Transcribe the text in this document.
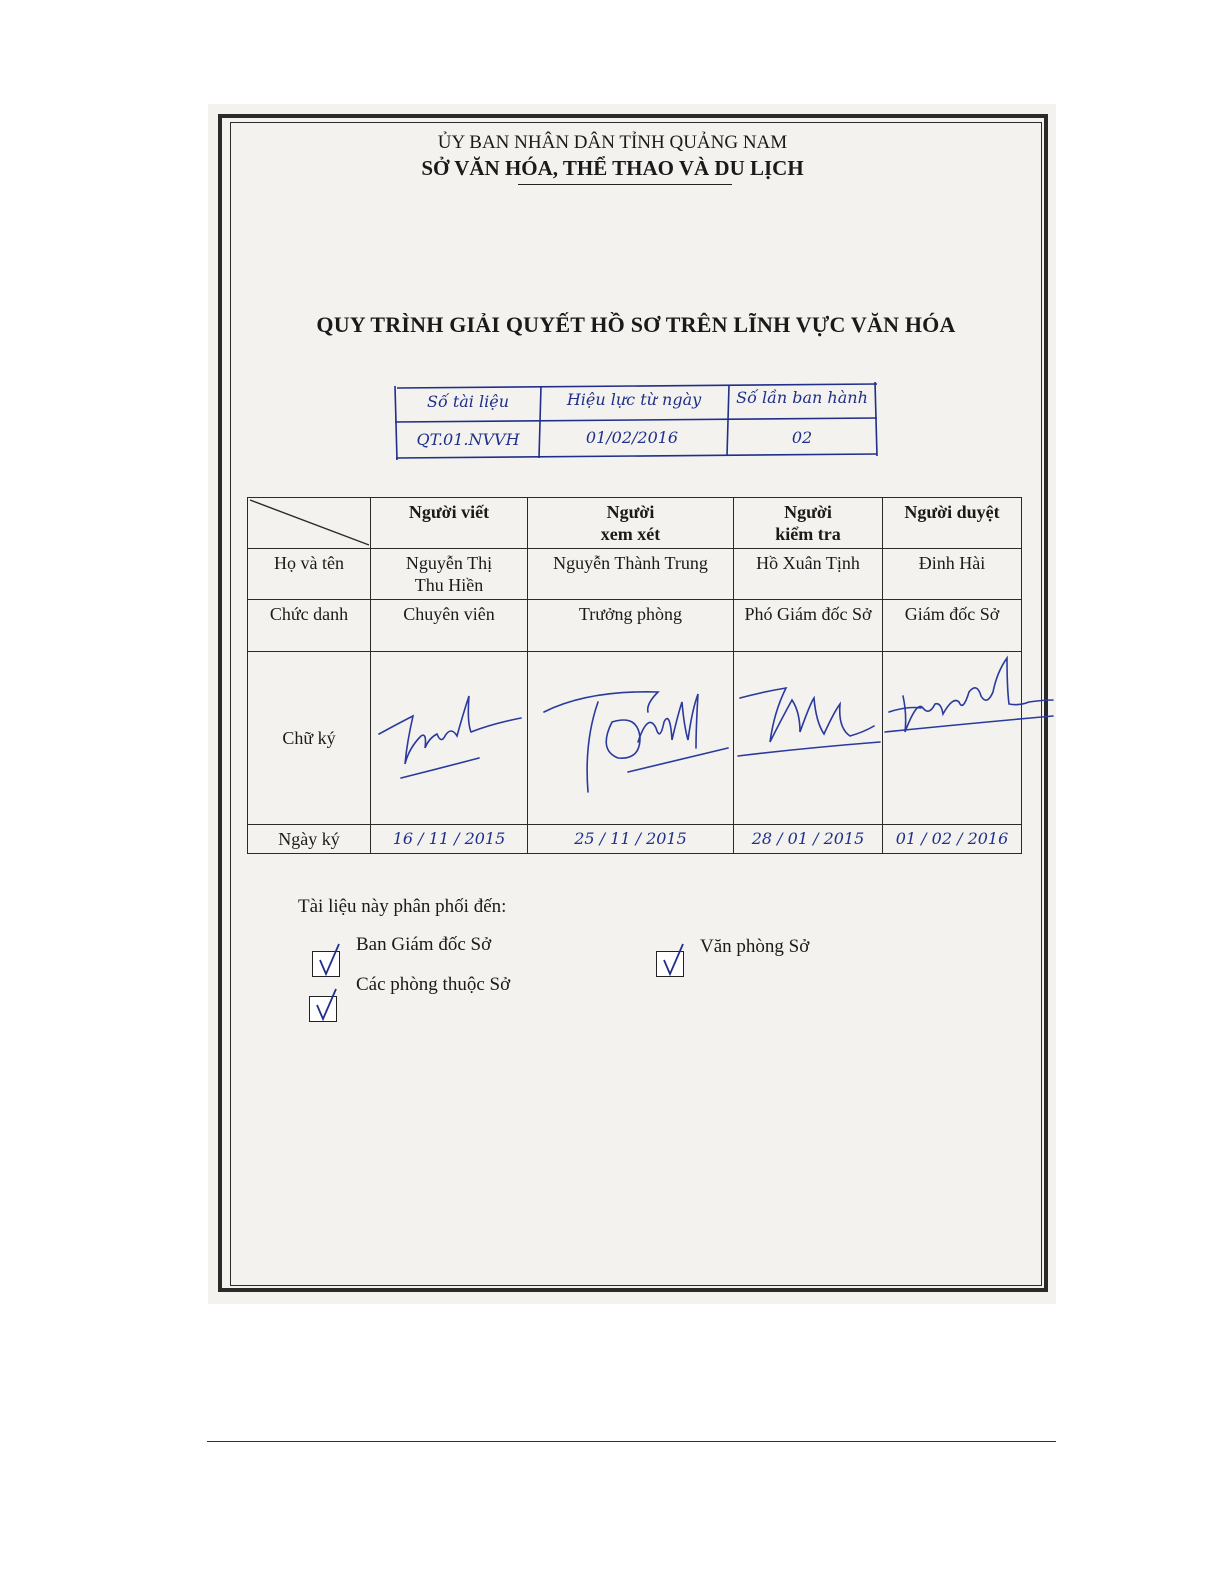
ỦY BAN NHÂN DÂN TỈNH QUẢNG NAM
SỞ VĂN HÓA, THỂ THAO VÀ DU LỊCH
QUY TRÌNH GIẢI QUYẾT HỒ SƠ TRÊN LĨNH VỰC VĂN HÓA
Số tài liệu	Hiệu lực từ ngày	Số lần ban hành
QT.01.NVVH	01/02/2016	02
	Người viết	Người xem xét	Người kiểm tra	Người duyệt
Họ và tên	Nguyễn Thị Thu Hiền	Nguyễn Thành Trung	Hồ Xuân Tịnh	Đinh Hài
Chức danh	Chuyên viên	Trưởng phòng	Phó Giám đốc Sở	Giám đốc Sở
Chữ ký	

Ngày ký	16 / 11 / 2015	25 / 11 / 2015	28 / 01 / 2015	01 / 02 / 2016
Tài liệu này phân phối đến:
Ban Giám đốc Sở	Văn phòng Sở
Các phòng thuộc Sở
